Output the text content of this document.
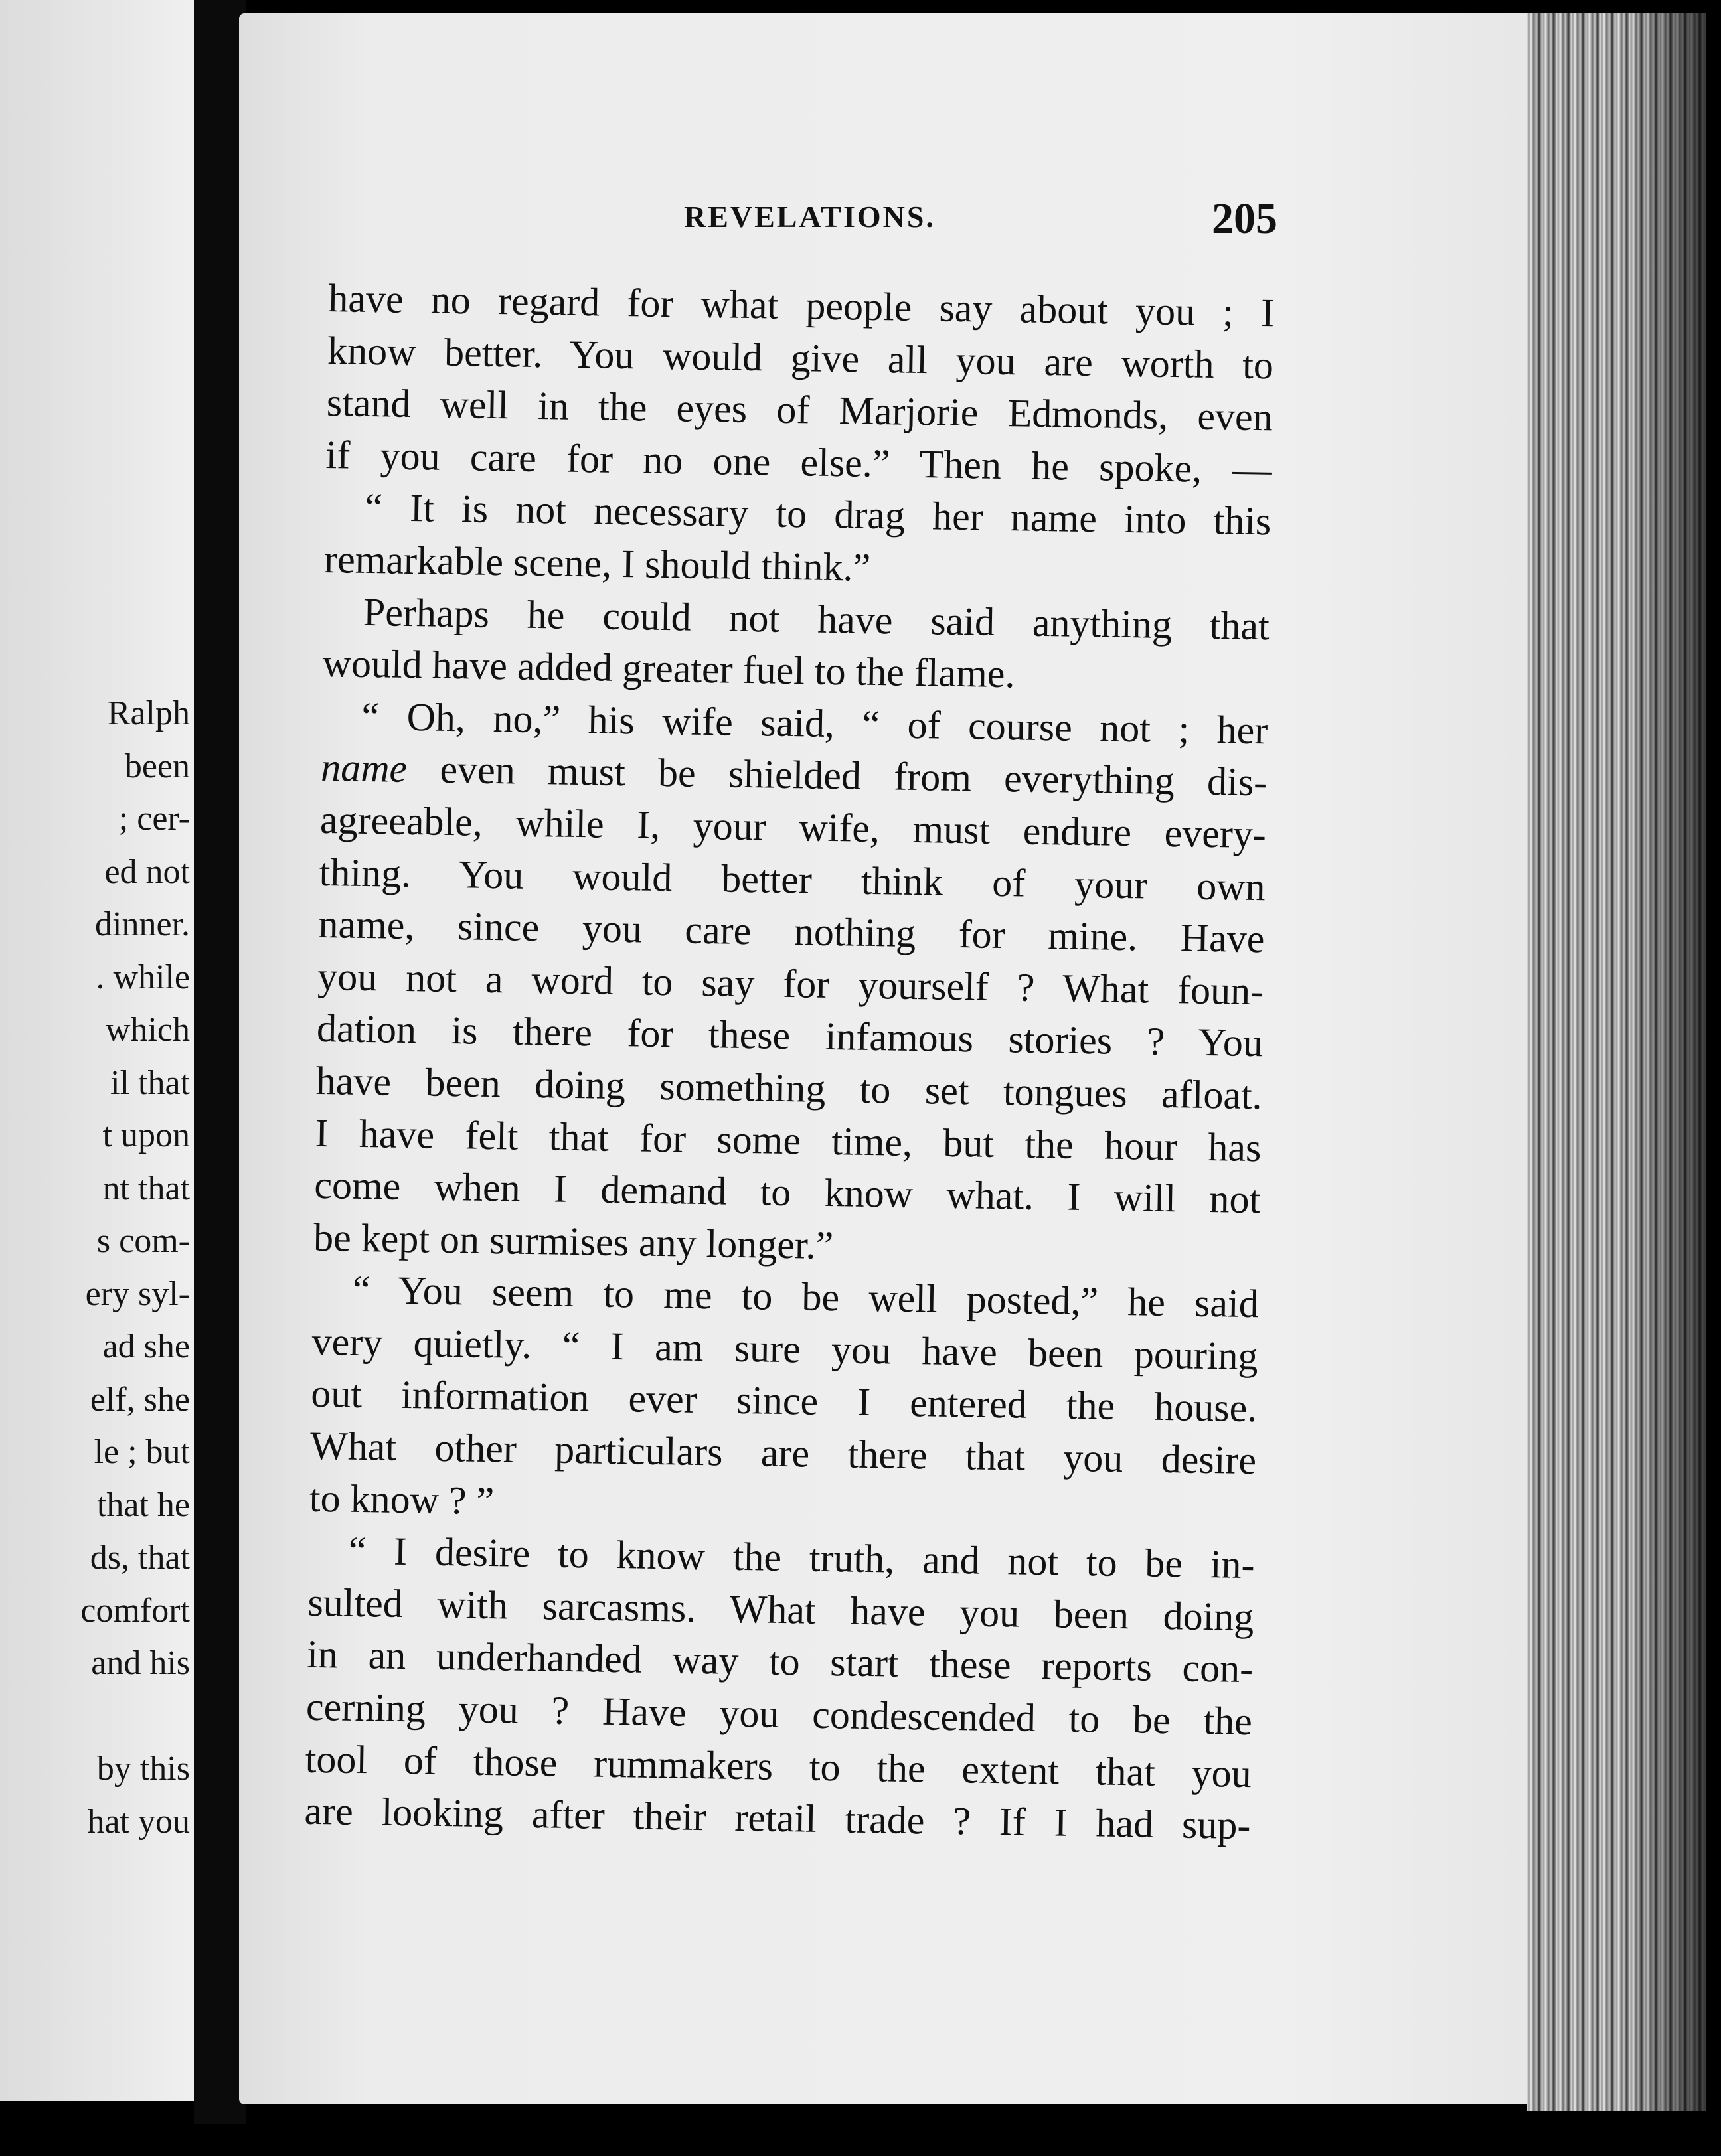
Ralph
been
; cer-
ed not
dinner.
. while
which
il that
t upon
nt that
s com-
ery syl-
ad she
elf, she
le ; but
that he
ds, that
comfort
and his
by this
hat you
REVELATIONS.	205
have no regard for what people say about you ; I
know better. You would give all you are worth to
stand well in the eyes of Marjorie Edmonds, even
if you care for no one else.” Then he spoke, —
“ It is not necessary to drag her name into this
remarkable scene, I should think.”
Perhaps he could not have said anything that
would have added greater fuel to the flame.
“ Oh, no,” his wife said, “ of course not ; her
name even must be shielded from everything dis-
agreeable, while I, your wife, must endure every-
thing. You would better think of your own
name, since you care nothing for mine. Have
you not a word to say for yourself ? What foun-
dation is there for these infamous stories ? You
have been doing something to set tongues afloat.
I have felt that for some time, but the hour has
come when I demand to know what. I will not
be kept on surmises any longer.”
“ You seem to me to be well posted,” he said
very quietly. “ I am sure you have been pouring
out information ever since I entered the house.
What other particulars are there that you desire
to know ? ”
“ I desire to know the truth, and not to be in-
sulted with sarcasms. What have you been doing
in an underhanded way to start these reports con-
cerning you ? Have you condescended to be the
tool of those rummakers to the extent that you
are looking after their retail trade ? If I had sup-
